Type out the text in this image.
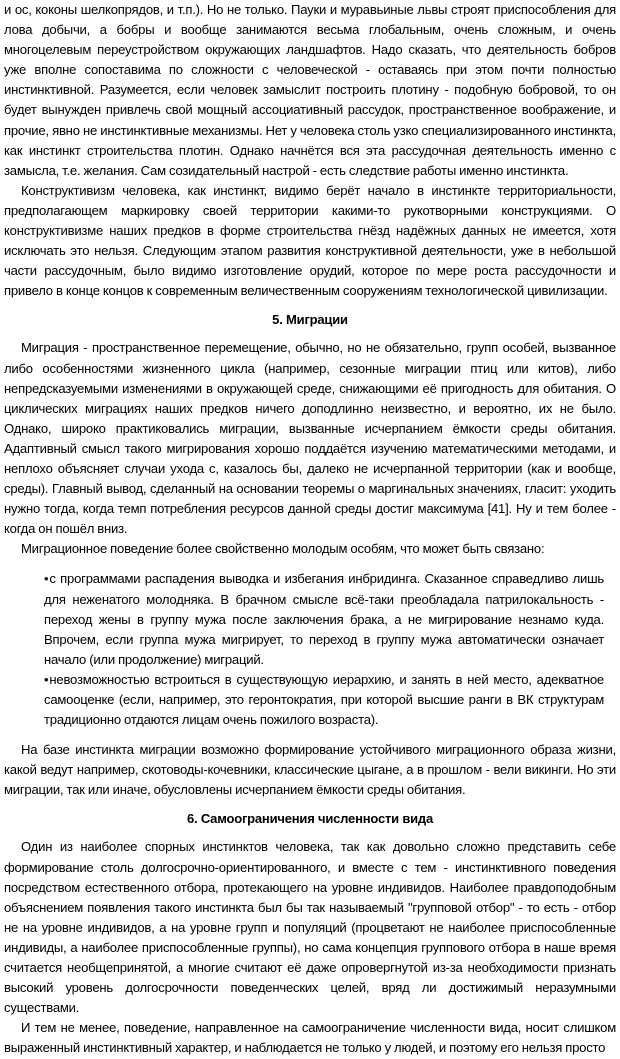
и ос, коконы шелкопрядов, и т.п.). Но не только. Пауки и муравьиные львы строят приспособления для лова добычи, а бобры и вообще занимаются весьма глобальным, очень сложным, и очень многоцелевым переустройством окружающих ландшафтов. Надо сказать, что деятельность бобров уже вполне сопоставима по сложности с человеческой - оставаясь при этом почти полностью инстинктивной. Разумеется, если человек замыслит построить плотину - подобную бобровой, то он будет вынужден привлечь свой мощный ассоциативный рассудок, пространственное воображение, и прочие, явно не инстинктивные механизмы. Нет у человека столь узко специализированного инстинкта, как инстинкт строительства плотин. Однако начнётся вся эта рассудочная деятельность именно с замысла, т.е. желания. Сам созидательный настрой - есть следствие работы именно инстинкта.

Конструктивизм человека, как инстинкт, видимо берёт начало в инстинкте территориальности, предполагающем маркировку своей территории какими-то рукотворными конструкциями. О конструктивизме наших предков в форме строительства гнёзд надёжных данных не имеется, хотя исключать это нельзя. Следующим этапом развития конструктивной деятельности, уже в небольшой части рассудочным, было видимо изготовление орудий, которое по мере роста рассудочности и привело в конце концов к современным величественным сооружениям технологической цивилизации.

5. Миграции

Миграция - пространственное перемещение, обычно, но не обязательно, групп особей, вызванное либо особенностями жизненного цикла (например, сезонные миграции птиц или китов), либо непредсказуемыми изменениями в окружающей среде, снижающими её пригодность для обитания. О циклических миграциях наших предков ничего доподлинно неизвестно, и вероятно, их не было. Однако, широко практиковались миграции, вызванные исчерпанием ёмкости среды обитания. Адаптивный смысл такого мигрирования хорошо поддаётся изучению математическими методами, и неплохо объясняет случаи ухода с, казалось бы, далеко не исчерпанной территории (как и вообще, среды). Главный вывод, сделанный на основании теоремы о маргинальных значениях, гласит: уходить нужно тогда, когда темп потребления ресурсов данной среды достиг максимума [41]. Ну и тем более - когда он пошёл вниз.

Миграционное поведение более свойственно молодым особям, что может быть связано:

•с программами распадения выводка и избегания инбридинга. Сказанное справедливо лишь для неженатого молодняка. В брачном смысле всё-таки преобладала патрилокальность - переход жены в группу мужа после заключения брака, а не мигрирование незнамо куда. Впрочем, если группа мужа мигрирует, то переход в группу мужа автоматически означает начало (или продолжение) миграций.
•невозможностью встроиться в существующую иерархию, и занять в ней место, адекватное самооценке (если, например, это геронтократия, при которой высшие ранги в ВК структурам традиционно отдаются лицам очень пожилого возраста).

На базе инстинкта миграции возможно формирование устойчивого миграционного образа жизни, какой ведут например, скотоводы-кочевники, классические цыгане, а в прошлом - вели викинги. Но эти миграции, так или иначе, обусловлены исчерпанием ёмкости среды обитания.

6. Самоограничения численности вида

Один из наиболее спорных инстинктов человека, так как довольно сложно представить себе формирование столь долгосрочно-ориентированного, и вместе с тем - инстинктивного поведения посредством естественного отбора, протекающего на уровне индивидов. Наиболее правдоподобным объяснением появления такого инстинкта был бы так называемый "групповой отбор" - то есть - отбор не на уровне индивидов, а на уровне групп и популяций (процветают не наиболее приспособленные индивиды, а наиболее приспособленные группы), но сама концепция группового отбора в наше время считается необщепринятой, а многие считают её даже опровергнутой из-за необходимости признать высокий уровень долгосрочности поведенческих целей, вряд ли достижимый неразумными существами.

И тем не менее, поведение, направленное на самоограничение численности вида, носит слишком выраженный инстинктивный характер, и наблюдается не только у людей, и поэтому его нельзя просто
